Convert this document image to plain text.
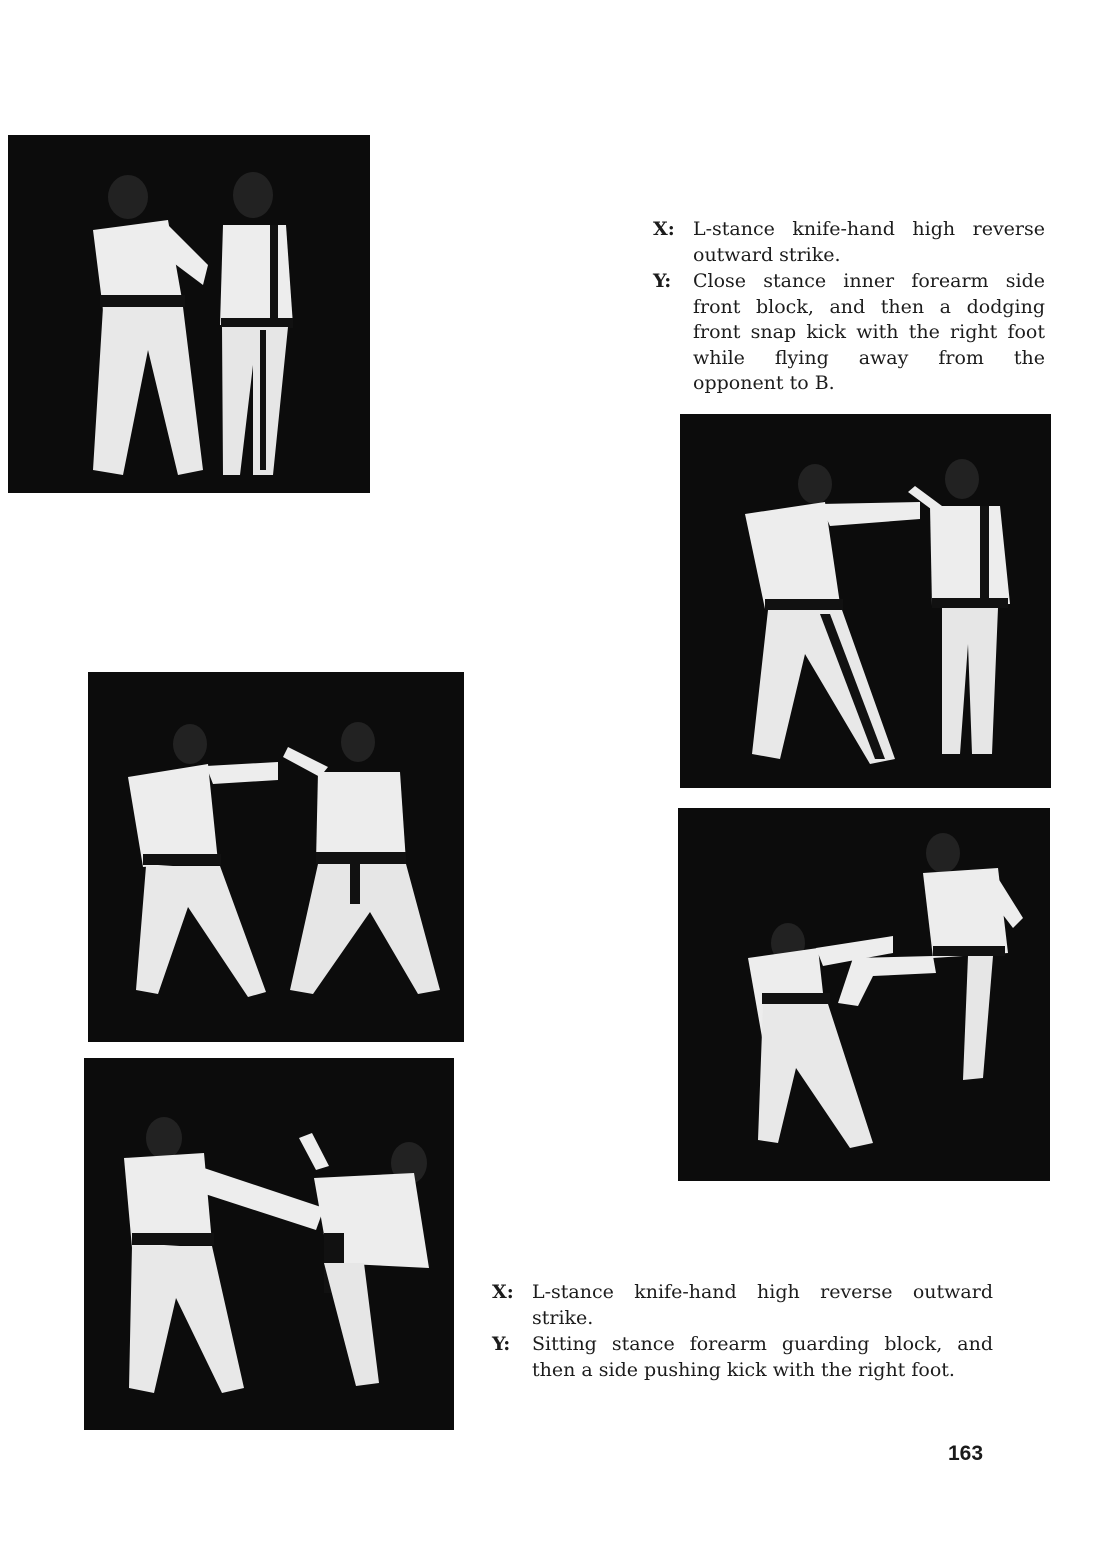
X: L-stance knife-hand high reverse outward strike.
Y:	Close stance inner forearm side front block, and then a dodging front snap kick with the right foot while flying away from the opponent to B.
X: L-stance knife-hand high reverse outward strike.
Y:	Sitting stance forearm guarding block, and then a side pushing kick with the right foot.
163
